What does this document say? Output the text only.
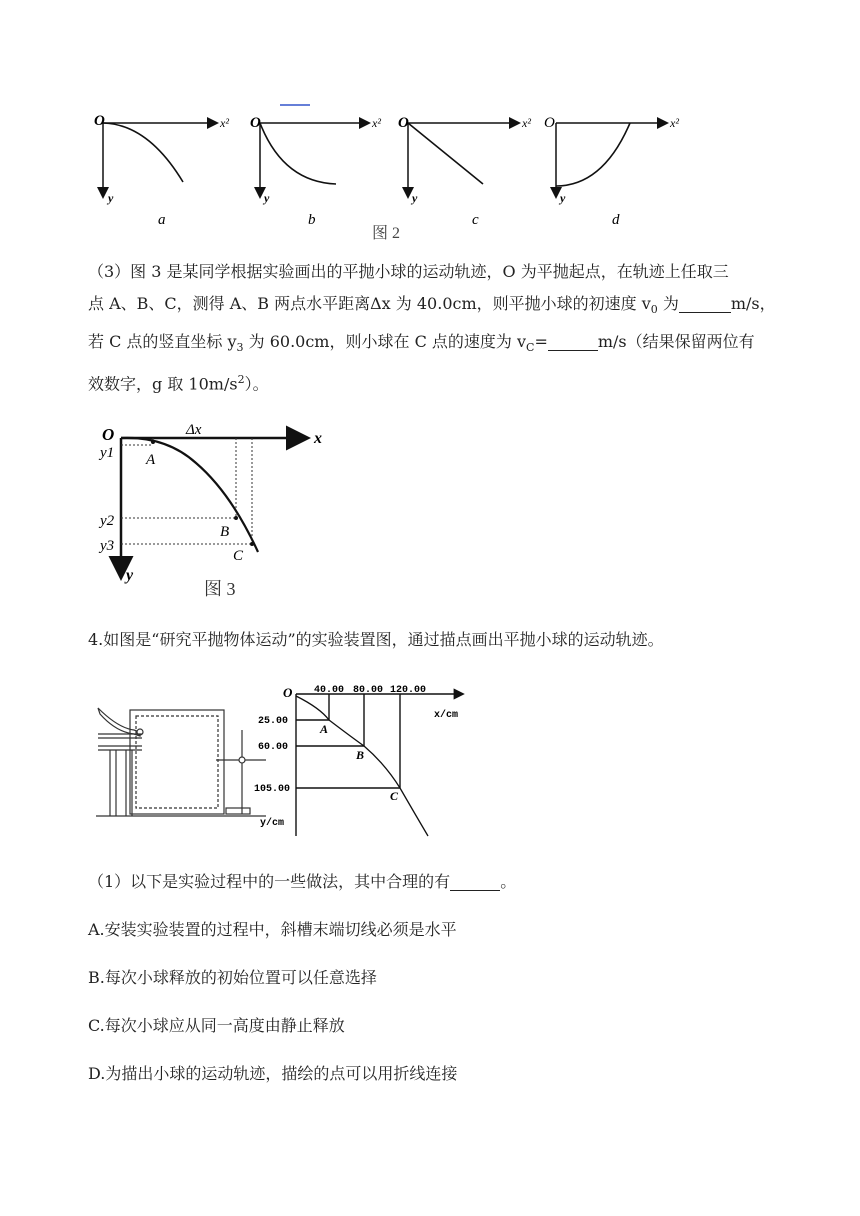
O	x²
y
a
O	x²
y
b
O	x²
y
c
O	x²
y
d
图 2
（3）图 3 是某同学根据实验画出的平抛小球的运动轨迹，O 为平抛起点，在轨迹上任取三
点 A、B、C，测得 A、B 两点水平距离Δx 为 40.0cm，则平抛小球的初速度 $v_0$ 为	m/s，
若 C 点的竖直坐标 $y_3$ 为 60.0cm，则小球在 C 点的速度为 $v_C=$	m/s（结果保留两位有
效数字，g 取 $10m/s^2$）。
O	x
y
Δx
y1
y2
y3
A
B
C
图 3
4.如图是“研究平抛物体运动”的实验装置图，通过描点画出平抛小球的运动轨迹。
O 40.00 80.00 120.00
x/cm
25.00
60.00
105.00
y/cm
A
B
C
（1）以下是实验过程中的一些做法，其中合理的有	。
A.安装实验装置的过程中，斜槽末端切线必须是水平
B.每次小球释放的初始位置可以任意选择
C.每次小球应从同一高度由静止释放
D.为描出小球的运动轨迹，描绘的点可以用折线连接
